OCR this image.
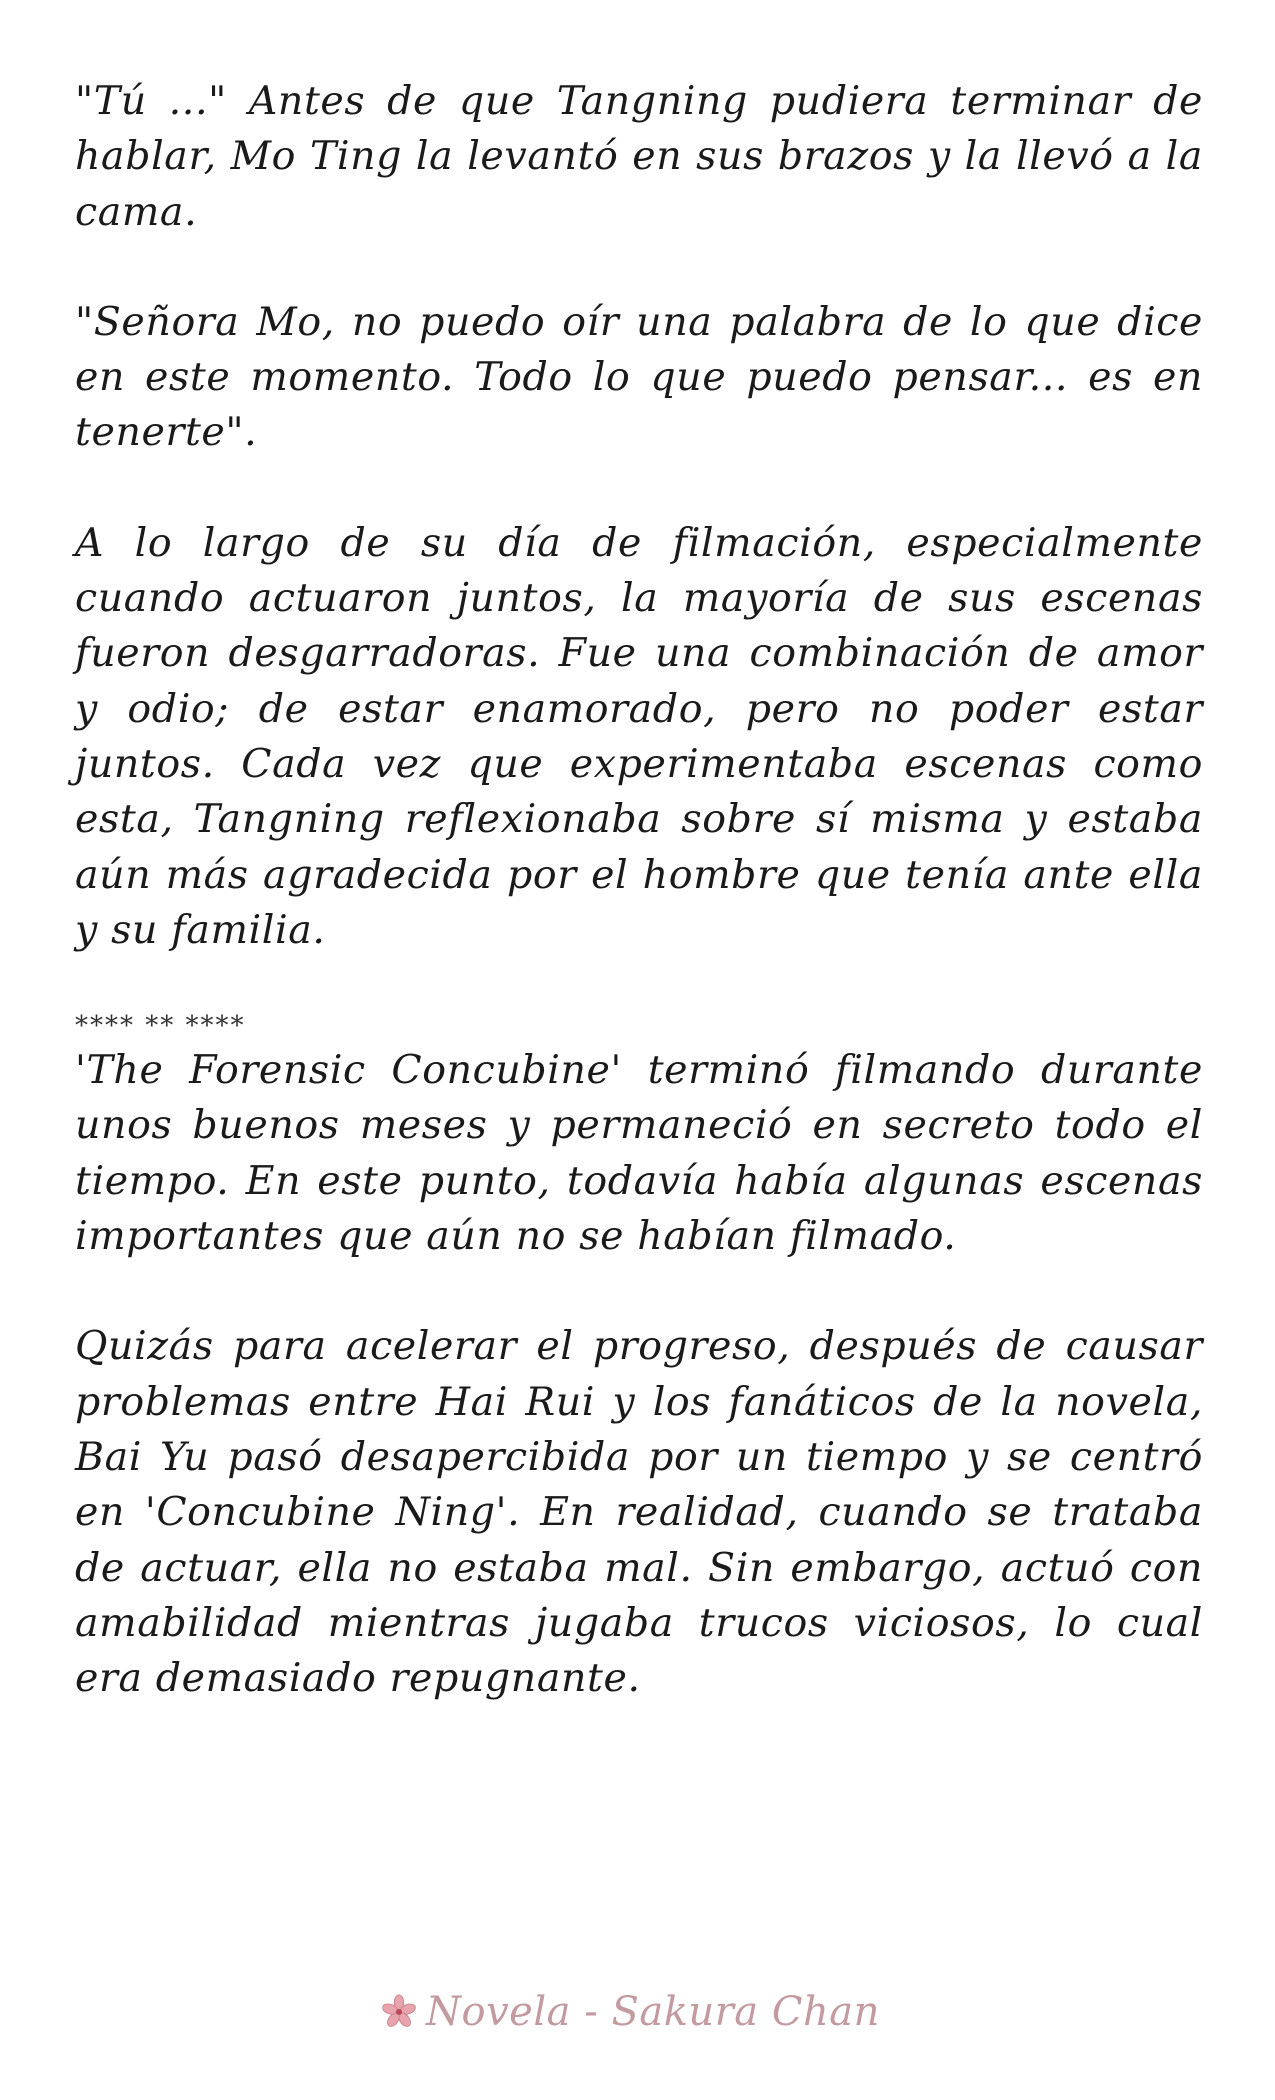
"Tú ..." Antes de que Tangning pudiera terminar de hablar, Mo Ting la levantó en sus brazos y la llevó a la cama.

"Señora Mo, no puedo oír una palabra de lo que dice en este momento. Todo lo que puedo pensar... es en tenerte".

A lo largo de su día de filmación, especialmente cuando actuaron juntos, la mayoría de sus escenas fueron desgarradoras. Fue una combinación de amor y odio; de estar enamorado, pero no poder estar juntos. Cada vez que experimentaba escenas como esta, Tangning reflexionaba sobre sí misma y estaba aún más agradecida por el hombre que tenía ante ella y su familia.

**** ** ****

'The Forensic Concubine' terminó filmando durante unos buenos meses y permaneció en secreto todo el tiempo. En este punto, todavía había algunas escenas importantes que aún no se habían filmado.

Quizás para acelerar el progreso, después de causar problemas entre Hai Rui y los fanáticos de la novela, Bai Yu pasó desapercibida por un tiempo y se centró en 'Concubine Ning'. En realidad, cuando se trataba de actuar, ella no estaba mal. Sin embargo, actuó con amabilidad mientras jugaba trucos viciosos, lo cual era demasiado repugnante.

Novela - Sakura Chan
